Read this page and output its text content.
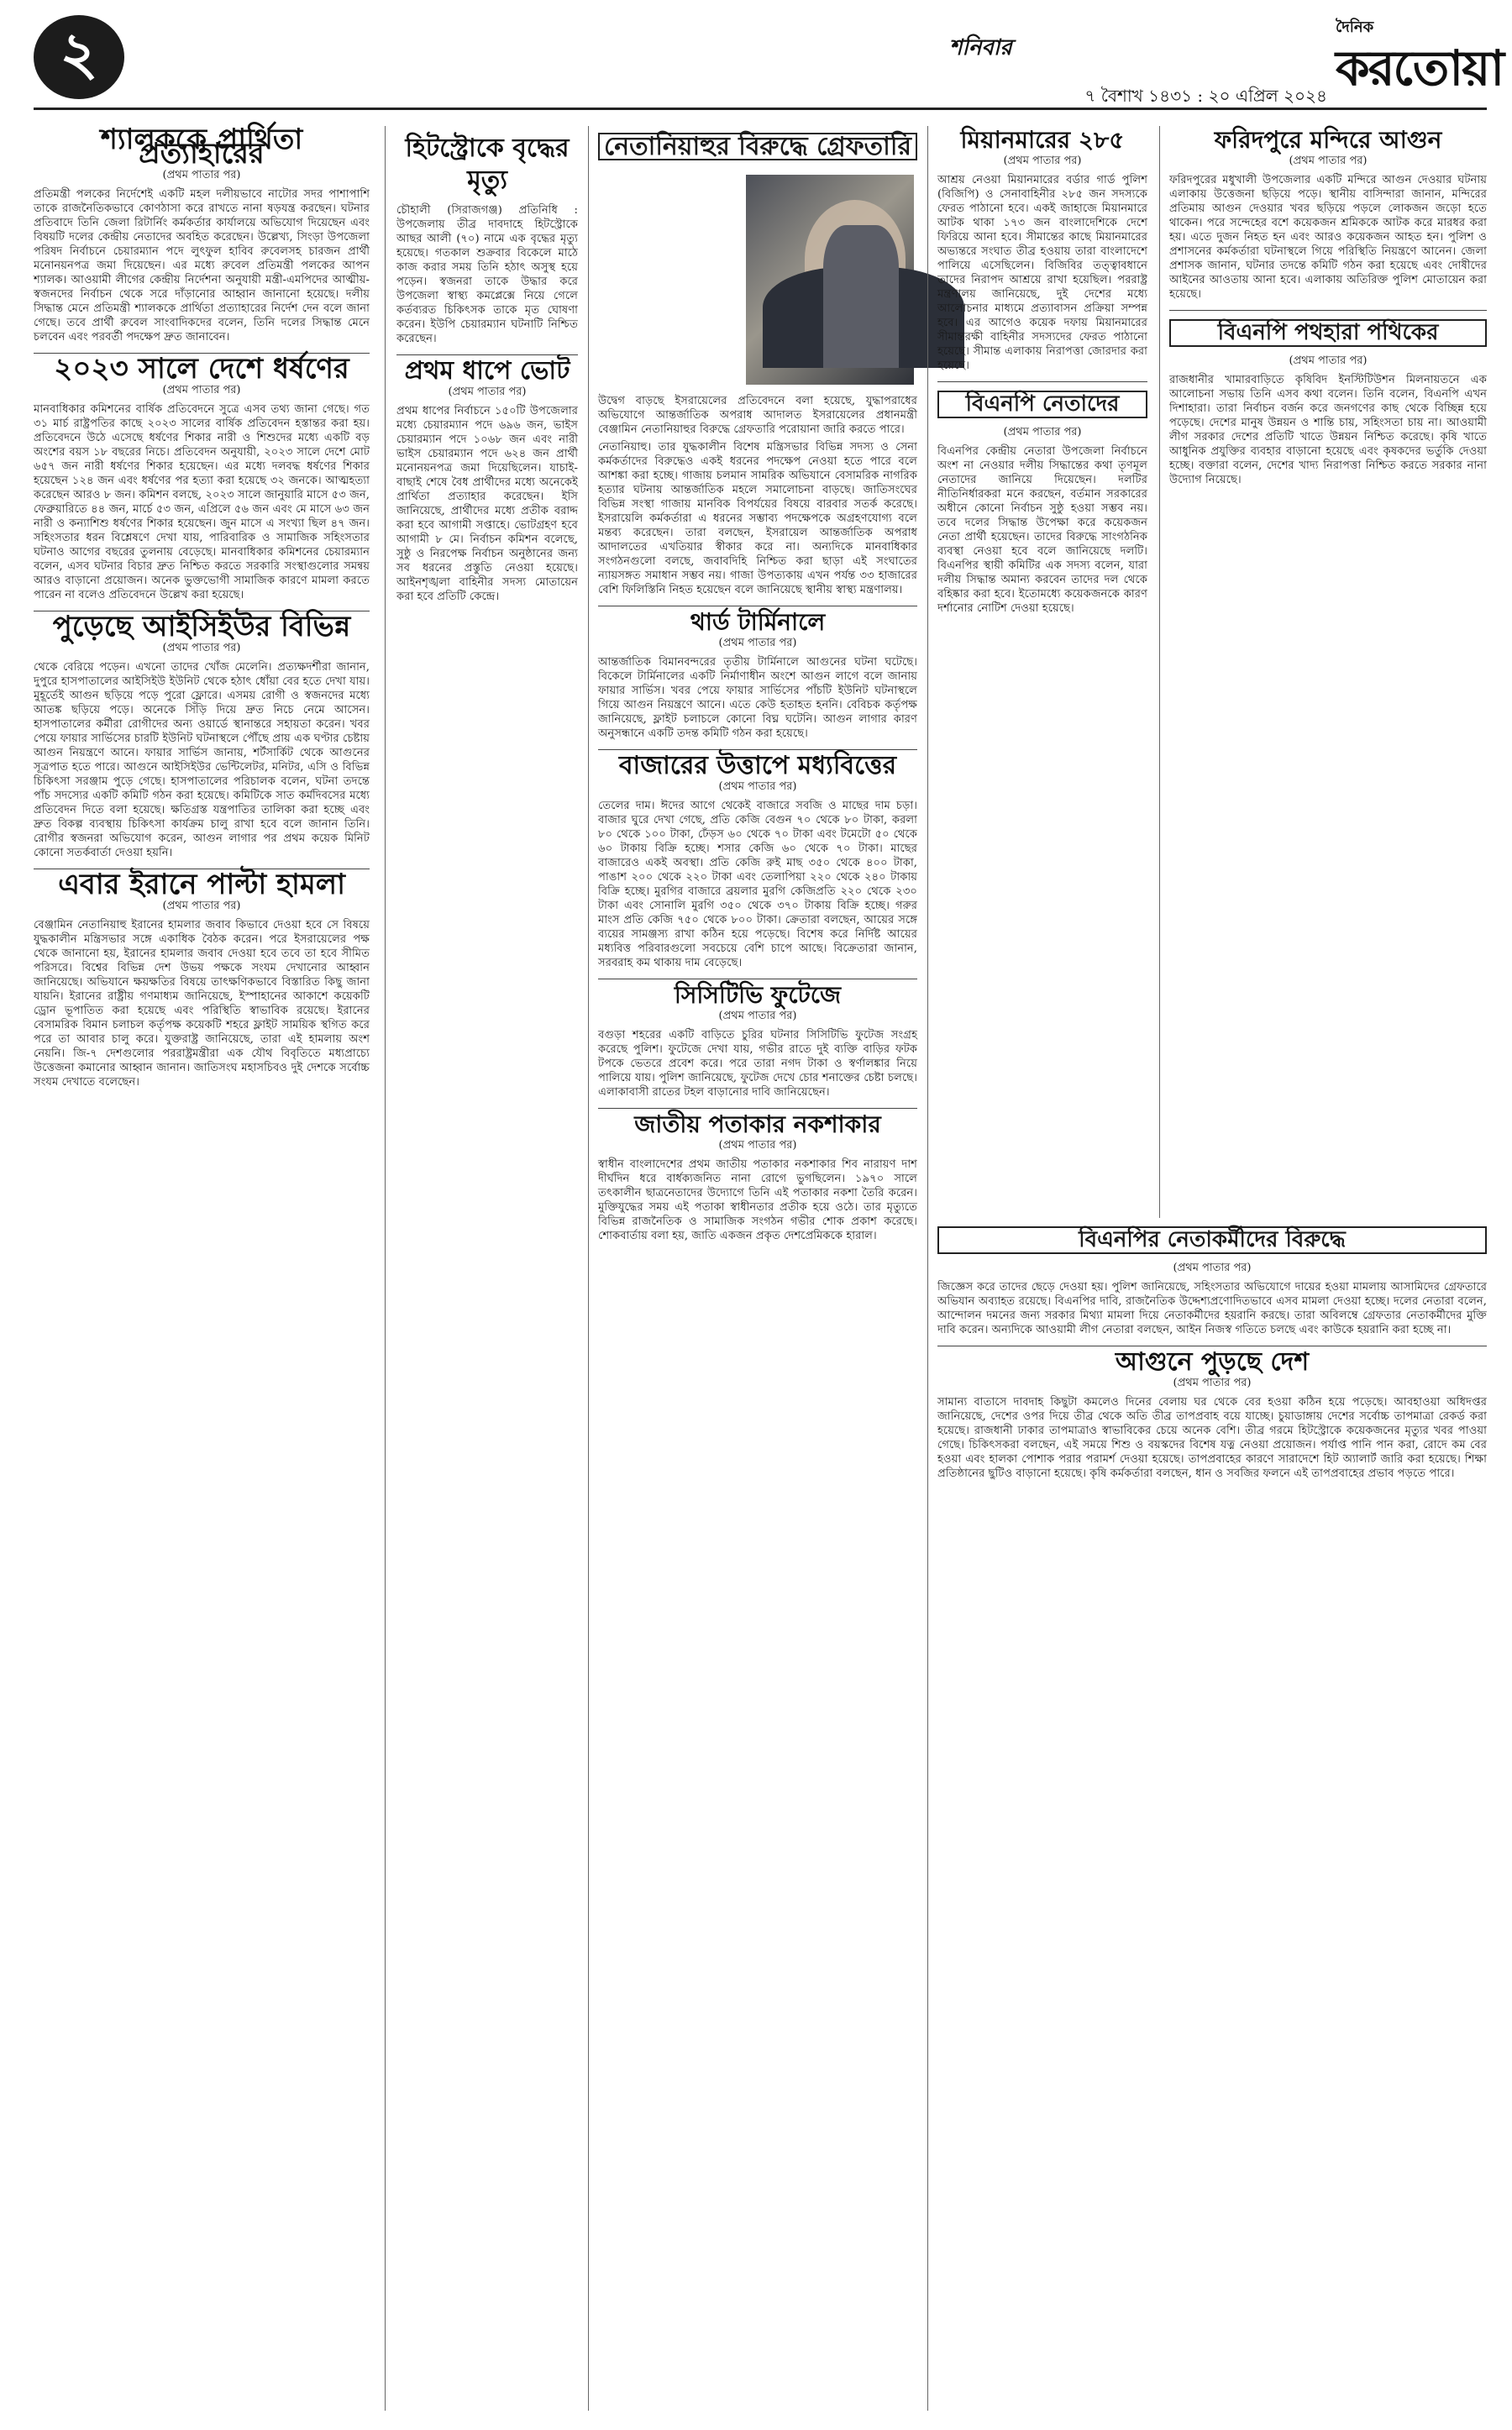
২	শনিবার
৭ বৈশাখ ১৪৩১ : ২০ এপ্রিল ২০২৪
দৈনিক
করতোয়া
শ্যালককে প্রার্থিতা প্রত্যাহারের
(প্রথম পাতার পর)

প্রতিমন্ত্রী পলকের নির্দেশেই একটি মহল দলীয়ভাবে নাটোর সদর পাশাপাশি তাকে রাজনৈতিকভাবে কোণঠাসা করে রাখতে নানা ষড়যন্ত্র করছেন। ঘটনার প্রতিবাদে তিনি জেলা রিটার্নিং কর্মকর্তার কার্যালয়ে অভিযোগ দিয়েছেন এবং বিষয়টি দলের কেন্দ্রীয় নেতাদের অবহিত করেছেন। উল্লেখ্য, সিংড়া উপজেলা পরিষদ নির্বাচনে চেয়ারম্যান পদে লুৎফুল হাবিব রুবেলসহ চারজন প্রার্থী মনোনয়নপত্র জমা দিয়েছেন। এর মধ্যে রুবেল প্রতিমন্ত্রী পলকের আপন শ্যালক। আওয়ামী লীগের কেন্দ্রীয় নির্দেশনা অনুযায়ী মন্ত্রী-এমপিদের আত্মীয়-স্বজনদের নির্বাচন থেকে সরে দাঁড়ানোর আহ্বান জানানো হয়েছে। দলীয় সিদ্ধান্ত মেনে প্রতিমন্ত্রী শ্যালককে প্রার্থিতা প্রত্যাহারের নির্দেশ দেন বলে জানা গেছে। তবে প্রার্থী রুবেল সাংবাদিকদের বলেন, তিনি দলের সিদ্ধান্ত মেনে চলবেন এবং পরবর্তী পদক্ষেপ দ্রুত জানাবেন।

২০২৩ সালে দেশে ধর্ষণের
(প্রথম পাতার পর)

মানবাধিকার কমিশনের বার্ষিক প্রতিবেদনে সুত্রে এসব তথ্য জানা গেছে। গত ৩১ মার্চ রাষ্ট্রপতির কাছে ২০২৩ সালের বার্ষিক প্রতিবেদন হস্তান্তর করা হয়। প্রতিবেদনে উঠে এসেছে ধর্ষণের শিকার নারী ও শিশুদের মধ্যে একটি বড় অংশের বয়স ১৮ বছরের নিচে। প্রতিবেদন অনুযায়ী, ২০২৩ সালে দেশে মোট ৬৫৭ জন নারী ধর্ষণের শিকার হয়েছেন। এর মধ্যে দলবদ্ধ ধর্ষণের শিকার হয়েছেন ১২৪ জন এবং ধর্ষণের পর হত্যা করা হয়েছে ৩২ জনকে। আত্মহত্যা করেছেন আরও ৮ জন। কমিশন বলছে, ২০২৩ সালে জানুয়ারি মাসে ৫৩ জন, ফেব্রুয়ারিতে ৪৪ জন, মার্চে ৫৩ জন, এপ্রিলে ৫৬ জন এবং মে মাসে ৬৩ জন নারী ও কন্যাশিশু ধর্ষণের শিকার হয়েছেন। জুন মাসে এ সংখ্যা ছিল ৪৭ জন। সহিংসতার ধরন বিশ্লেষণে দেখা যায়, পারিবারিক ও সামাজিক সহিংসতার ঘটনাও আগের বছরের তুলনায় বেড়েছে। মানবাধিকার কমিশনের চেয়ারম্যান বলেন, এসব ঘটনার বিচার দ্রুত নিশ্চিত করতে সরকারি সংস্থাগুলোর সমন্বয় আরও বাড়ানো প্রয়োজন। অনেক ভুক্তভোগী সামাজিক কারণে মামলা করতে পারেন না বলেও প্রতিবেদনে উল্লেখ করা হয়েছে।

পুড়েছে আইসিইউর বিভিন্ন
(প্রথম পাতার পর)

থেকে বেরিয়ে পড়েন। এখনো তাদের খোঁজ মেলেনি। প্রত্যক্ষদর্শীরা জানান, দুপুরে হাসপাতালের আইসিইউ ইউনিট থেকে হঠাৎ ধোঁয়া বের হতে দেখা যায়। মুহূর্তেই আগুন ছড়িয়ে পড়ে পুরো ফ্লোরে। এসময় রোগী ও স্বজনদের মধ্যে আতঙ্ক ছড়িয়ে পড়ে। অনেকে সিঁড়ি দিয়ে দ্রুত নিচে নেমে আসেন। হাসপাতালের কর্মীরা রোগীদের অন্য ওয়ার্ডে স্থানান্তরে সহায়তা করেন। খবর পেয়ে ফায়ার সার্ভিসের চারটি ইউনিট ঘটনাস্থলে পৌঁছে প্রায় এক ঘণ্টার চেষ্টায় আগুন নিয়ন্ত্রণে আনে। ফায়ার সার্ভিস জানায়, শর্টসার্কিট থেকে আগুনের সূত্রপাত হতে পারে। আগুনে আইসিইউর ভেন্টিলেটর, মনিটর, এসি ও বিভিন্ন চিকিৎসা সরঞ্জাম পুড়ে গেছে। হাসপাতালের পরিচালক বলেন, ঘটনা তদন্তে পাঁচ সদস্যের একটি কমিটি গঠন করা হয়েছে। কমিটিকে সাত কর্মদিবসের মধ্যে প্রতিবেদন দিতে বলা হয়েছে। ক্ষতিগ্রস্ত যন্ত্রপাতির তালিকা করা হচ্ছে এবং দ্রুত বিকল্প ব্যবস্থায় চিকিৎসা কার্যক্রম চালু রাখা হবে বলে জানান তিনি। রোগীর স্বজনরা অভিযোগ করেন, আগুন লাগার পর প্রথম কয়েক মিনিট কোনো সতর্কবার্তা দেওয়া হয়নি।

এবার ইরানে পাল্টা হামলা
(প্রথম পাতার পর)

বেঞ্জামিন নেতানিয়াহু ইরানের হামলার জবাব কিভাবে দেওয়া হবে সে বিষয়ে যুদ্ধকালীন মন্ত্রিসভার সঙ্গে একাধিক বৈঠক করেন। পরে ইসরায়েলের পক্ষ থেকে জানানো হয়, ইরানের হামলার জবাব দেওয়া হবে তবে তা হবে সীমিত পরিসরে। বিশ্বের বিভিন্ন দেশ উভয় পক্ষকে সংযম দেখানোর আহ্বান জানিয়েছে। অভিযানে ক্ষয়ক্ষতির বিষয়ে তাৎক্ষণিকভাবে বিস্তারিত কিছু জানা যায়নি। ইরানের রাষ্ট্রীয় গণমাধ্যম জানিয়েছে, ইস্পাহানের আকাশে কয়েকটি ড্রোন ভূপাতিত করা হয়েছে এবং পরিস্থিতি স্বাভাবিক রয়েছে। ইরানের বেসামরিক বিমান চলাচল কর্তৃপক্ষ কয়েকটি শহরে ফ্লাইট সাময়িক স্থগিত করে পরে তা আবার চালু করে। যুক্তরাষ্ট্র জানিয়েছে, তারা এই হামলায় অংশ নেয়নি। জি-৭ দেশগুলোর পররাষ্ট্রমন্ত্রীরা এক যৌথ বিবৃতিতে মধ্যপ্রাচ্যে উত্তেজনা কমানোর আহ্বান জানান। জাতিসংঘ মহাসচিবও দুই দেশকে সর্বোচ্চ সংযম দেখাতে বলেছেন।

হিটস্ট্রোকে বৃদ্ধের মৃত্যু

চৌহালী (সিরাজগঞ্জ) প্রতিনিধি : উপজেলায় তীব্র দাবদাহে হিটস্ট্রোকে আছর আলী (৭০) নামে এক বৃদ্ধের মৃত্যু হয়েছে। গতকাল শুক্রবার বিকেলে মাঠে কাজ করার সময় তিনি হঠাৎ অসুস্থ হয়ে পড়েন। স্বজনরা তাকে উদ্ধার করে উপজেলা স্বাস্থ্য কমপ্লেক্সে নিয়ে গেলে কর্তব্যরত চিকিৎসক তাকে মৃত ঘোষণা করেন। ইউপি চেয়ারম্যান ঘটনাটি নিশ্চিত করেছেন।

প্রথম ধাপে ভোট
(প্রথম পাতার পর)

প্রথম ধাপের নির্বাচনে ১৫০টি উপজেলার মধ্যে চেয়ারম্যান পদে ৬৯৬ জন, ভাইস চেয়ারম্যান পদে ১০৬৮ জন এবং নারী ভাইস চেয়ারম্যান পদে ৬২৪ জন প্রার্থী মনোনয়নপত্র জমা দিয়েছিলেন। যাচাই-বাছাই শেষে বৈধ প্রার্থীদের মধ্যে অনেকেই প্রার্থিতা প্রত্যাহার করেছেন। ইসি জানিয়েছে, প্রার্থীদের মধ্যে প্রতীক বরাদ্দ করা হবে আগামী সপ্তাহে। ভোটগ্রহণ হবে আগামী ৮ মে। নির্বাচন কমিশন বলেছে, সুষ্ঠু ও নিরপেক্ষ নির্বাচন অনুষ্ঠানের জন্য সব ধরনের প্রস্তুতি নেওয়া হয়েছে। আইনশৃঙ্খলা বাহিনীর সদস্য মোতায়েন করা হবে প্রতিটি কেন্দ্রে।

নেতানিয়াহুর বিরুদ্ধে গ্রেফতারি

উদ্বেগ বাড়ছে ইসরায়েলের প্রতিবেদনে বলা হয়েছে, যুদ্ধাপরাধের অভিযোগে আন্তর্জাতিক অপরাধ আদালত ইসরায়েলের প্রধানমন্ত্রী বেঞ্জামিন নেতানিয়াহুর বিরুদ্ধে গ্রেফতারি পরোয়ানা জারি করতে পারে।

নেতানিয়াহু। তার যুদ্ধকালীন বিশেষ মন্ত্রিসভার বিভিন্ন সদস্য ও সেনা কর্মকর্তাদের বিরুদ্ধেও একই ধরনের পদক্ষেপ নেওয়া হতে পারে বলে আশঙ্কা করা হচ্ছে। গাজায় চলমান সামরিক অভিযানে বেসামরিক নাগরিক হত্যার ঘটনায় আন্তর্জাতিক মহলে সমালোচনা বাড়ছে। জাতিসংঘের বিভিন্ন সংস্থা গাজায় মানবিক বিপর্যয়ের বিষয়ে বারবার সতর্ক করেছে। ইসরায়েলি কর্মকর্তারা এ ধরনের সম্ভাব্য পদক্ষেপকে অগ্রহণযোগ্য বলে মন্তব্য করেছেন। তারা বলছেন, ইসরায়েল আন্তর্জাতিক অপরাধ আদালতের এখতিয়ার স্বীকার করে না। অন্যদিকে মানবাধিকার সংগঠনগুলো বলছে, জবাবদিহি নিশ্চিত করা ছাড়া এই সংঘাতের ন্যায়সঙ্গত সমাধান সম্ভব নয়। গাজা উপত্যকায় এখন পর্যন্ত ৩৩ হাজারের বেশি ফিলিস্তিনি নিহত হয়েছেন বলে জানিয়েছে স্থানীয় স্বাস্থ্য মন্ত্রণালয়।

থার্ড টার্মিনালে
(প্রথম পাতার পর)

আন্তর্জাতিক বিমানবন্দরের তৃতীয় টার্মিনালে আগুনের ঘটনা ঘটেছে। বিকেলে টার্মিনালের একটি নির্মাণাধীন অংশে আগুন লাগে বলে জানায় ফায়ার সার্ভিস। খবর পেয়ে ফায়ার সার্ভিসের পাঁচটি ইউনিট ঘটনাস্থলে গিয়ে আগুন নিয়ন্ত্রণে আনে। এতে কেউ হতাহত হননি। বেবিচক কর্তৃপক্ষ জানিয়েছে, ফ্লাইট চলাচলে কোনো বিঘ্ন ঘটেনি। আগুন লাগার কারণ অনুসন্ধানে একটি তদন্ত কমিটি গঠন করা হয়েছে।

বাজারের উত্তাপে মধ্যবিত্তের
(প্রথম পাতার পর)

তেলের দাম। ঈদের আগে থেকেই বাজারে সবজি ও মাছের দাম চড়া। বাজার ঘুরে দেখা গেছে, প্রতি কেজি বেগুন ৭০ থেকে ৮০ টাকা, করলা ৮০ থেকে ১০০ টাকা, ঢেঁড়স ৬০ থেকে ৭০ টাকা এবং টমেটো ৫০ থেকে ৬০ টাকায় বিক্রি হচ্ছে। শসার কেজি ৬০ থেকে ৭০ টাকা। মাছের বাজারেও একই অবস্থা। প্রতি কেজি রুই মাছ ৩৫০ থেকে ৪০০ টাকা, পাঙাশ ২০০ থেকে ২২০ টাকা এবং তেলাপিয়া ২২০ থেকে ২৪০ টাকায় বিক্রি হচ্ছে। মুরগির বাজারে ব্রয়লার মুরগি কেজিপ্রতি ২২০ থেকে ২৩০ টাকা এবং সোনালি মুরগি ৩৫০ থেকে ৩৭০ টাকায় বিক্রি হচ্ছে। গরুর মাংস প্রতি কেজি ৭৫০ থেকে ৮০০ টাকা। ক্রেতারা বলছেন, আয়ের সঙ্গে ব্যয়ের সামঞ্জস্য রাখা কঠিন হয়ে পড়েছে। বিশেষ করে নির্দিষ্ট আয়ের মধ্যবিত্ত পরিবারগুলো সবচেয়ে বেশি চাপে আছে। বিক্রেতারা জানান, সরবরাহ কম থাকায় দাম বেড়েছে।

সিসিটিভি ফুটেজে
(প্রথম পাতার পর)

বগুড়া শহরের একটি বাড়িতে চুরির ঘটনার সিসিটিভি ফুটেজ সংগ্রহ করেছে পুলিশ। ফুটেজে দেখা যায়, গভীর রাতে দুই ব্যক্তি বাড়ির ফটক টপকে ভেতরে প্রবেশ করে। পরে তারা নগদ টাকা ও স্বর্ণালঙ্কার নিয়ে পালিয়ে যায়। পুলিশ জানিয়েছে, ফুটেজ দেখে চোর শনাক্তের চেষ্টা চলছে। এলাকাবাসী রাতের টহল বাড়ানোর দাবি জানিয়েছেন।

জাতীয় পতাকার নকশাকার
(প্রথম পাতার পর)

স্বাধীন বাংলাদেশের প্রথম জাতীয় পতাকার নকশাকার শিব নারায়ণ দাশ দীর্ঘদিন ধরে বার্ধক্যজনিত নানা রোগে ভুগছিলেন। ১৯৭০ সালে তৎকালীন ছাত্রনেতাদের উদ্যোগে তিনি এই পতাকার নকশা তৈরি করেন। মুক্তিযুদ্ধের সময় এই পতাকা স্বাধীনতার প্রতীক হয়ে ওঠে। তার মৃত্যুতে বিভিন্ন রাজনৈতিক ও সামাজিক সংগঠন গভীর শোক প্রকাশ করেছে। শোকবার্তায় বলা হয়, জাতি একজন প্রকৃত দেশপ্রেমিককে হারাল।

মিয়ানমারের ২৮৫
(প্রথম পাতার পর)

আশ্রয় নেওয়া মিয়ানমারের বর্ডার গার্ড পুলিশ (বিজিপি) ও সেনাবাহিনীর ২৮৫ জন সদস্যকে ফেরত পাঠানো হবে। একই জাহাজে মিয়ানমারে আটক থাকা ১৭৩ জন বাংলাদেশিকে দেশে ফিরিয়ে আনা হবে। সীমান্তের কাছে মিয়ানমারের অভ্যন্তরে সংঘাত তীব্র হওয়ায় তারা বাংলাদেশে পালিয়ে এসেছিলেন। বিজিবির তত্ত্বাবধানে তাদের নিরাপদ আশ্রয়ে রাখা হয়েছিল। পররাষ্ট্র মন্ত্রণালয় জানিয়েছে, দুই দেশের মধ্যে আলোচনার মাধ্যমে প্রত্যাবাসন প্রক্রিয়া সম্পন্ন হবে। এর আগেও কয়েক দফায় মিয়ানমারের সীমান্তরক্ষী বাহিনীর সদস্যদের ফেরত পাঠানো হয়েছে। সীমান্ত এলাকায় নিরাপত্তা জোরদার করা হয়েছে।

বিএনপি নেতাদের
(প্রথম পাতার পর)

বিএনপির কেন্দ্রীয় নেতারা উপজেলা নির্বাচনে অংশ না নেওয়ার দলীয় সিদ্ধান্তের কথা তৃণমূল নেতাদের জানিয়ে দিয়েছেন। দলটির নীতিনির্ধারকরা মনে করছেন, বর্তমান সরকারের অধীনে কোনো নির্বাচন সুষ্ঠু হওয়া সম্ভব নয়। তবে দলের সিদ্ধান্ত উপেক্ষা করে কয়েকজন নেতা প্রার্থী হয়েছেন। তাদের বিরুদ্ধে সাংগঠনিক ব্যবস্থা নেওয়া হবে বলে জানিয়েছে দলটি। বিএনপির স্থায়ী কমিটির এক সদস্য বলেন, যারা দলীয় সিদ্ধান্ত অমান্য করবেন তাদের দল থেকে বহিষ্কার করা হবে। ইতোমধ্যে কয়েকজনকে কারণ দর্শানোর নোটিশ দেওয়া হয়েছে।

ফরিদপুরে মন্দিরে আগুন
(প্রথম পাতার পর)

ফরিদপুরের মধুখালী উপজেলার একটি মন্দিরে আগুন দেওয়ার ঘটনায় এলাকায় উত্তেজনা ছড়িয়ে পড়ে। স্থানীয় বাসিন্দারা জানান, মন্দিরের প্রতিমায় আগুন দেওয়ার খবর ছড়িয়ে পড়লে লোকজন জড়ো হতে থাকেন। পরে সন্দেহের বশে কয়েকজন শ্রমিককে আটক করে মারধর করা হয়। এতে দুজন নিহত হন এবং আরও কয়েকজন আহত হন। পুলিশ ও প্রশাসনের কর্মকর্তারা ঘটনাস্থলে গিয়ে পরিস্থিতি নিয়ন্ত্রণে আনেন। জেলা প্রশাসক জানান, ঘটনার তদন্তে কমিটি গঠন করা হয়েছে এবং দোষীদের আইনের আওতায় আনা হবে। এলাকায় অতিরিক্ত পুলিশ মোতায়েন করা হয়েছে।

বিএনপি পথহারা পথিকের
(প্রথম পাতার পর)

রাজধানীর খামারবাড়িতে কৃষিবিদ ইনস্টিটিউশন মিলনায়তনে এক আলোচনা সভায় তিনি এসব কথা বলেন। তিনি বলেন, বিএনপি এখন দিশাহারা। তারা নির্বাচন বর্জন করে জনগণের কাছ থেকে বিচ্ছিন্ন হয়ে পড়েছে। দেশের মানুষ উন্নয়ন ও শান্তি চায়, সহিংসতা চায় না। আওয়ামী লীগ সরকার দেশের প্রতিটি খাতে উন্নয়ন নিশ্চিত করেছে। কৃষি খাতে আধুনিক প্রযুক্তির ব্যবহার বাড়ানো হয়েছে এবং কৃষকদের ভর্তুকি দেওয়া হচ্ছে। বক্তারা বলেন, দেশের খাদ্য নিরাপত্তা নিশ্চিত করতে সরকার নানা উদ্যোগ নিয়েছে।

বিএনপির নেতাকর্মীদের বিরুদ্ধে
(প্রথম পাতার পর)

জিজ্ঞেস করে তাদের ছেড়ে দেওয়া হয়। পুলিশ জানিয়েছে, সহিংসতার অভিযোগে দায়ের হওয়া মামলায় আসামিদের গ্রেফতারে অভিযান অব্যাহত রয়েছে। বিএনপির দাবি, রাজনৈতিক উদ্দেশ্যপ্রণোদিতভাবে এসব মামলা দেওয়া হচ্ছে। দলের নেতারা বলেন, আন্দোলন দমনের জন্য সরকার মিথ্যা মামলা দিয়ে নেতাকর্মীদের হয়রানি করছে। তারা অবিলম্বে গ্রেফতার নেতাকর্মীদের মুক্তি দাবি করেন। অন্যদিকে আওয়ামী লীগ নেতারা বলছেন, আইন নিজস্ব গতিতে চলছে এবং কাউকে হয়রানি করা হচ্ছে না।

আগুনে পুড়ছে দেশ
(প্রথম পাতার পর)

সামান্য বাতাসে দাবদাহ কিছুটা কমলেও দিনের বেলায় ঘর থেকে বের হওয়া কঠিন হয়ে পড়েছে। আবহাওয়া অধিদপ্তর জানিয়েছে, দেশের ওপর দিয়ে তীব্র থেকে অতি তীব্র তাপপ্রবাহ বয়ে যাচ্ছে। চুয়াডাঙ্গায় দেশের সর্বোচ্চ তাপমাত্রা রেকর্ড করা হয়েছে। রাজধানী ঢাকার তাপমাত্রাও স্বাভাবিকের চেয়ে অনেক বেশি। তীব্র গরমে হিটস্ট্রোকে কয়েকজনের মৃত্যুর খবর পাওয়া গেছে। চিকিৎসকরা বলছেন, এই সময়ে শিশু ও বয়স্কদের বিশেষ যত্ন নেওয়া প্রয়োজন। পর্যাপ্ত পানি পান করা, রোদে কম বের হওয়া এবং হালকা পোশাক পরার পরামর্শ দেওয়া হয়েছে। তাপপ্রবাহের কারণে সারাদেশে হিট অ্যালার্ট জারি করা হয়েছে। শিক্ষা প্রতিষ্ঠানের ছুটিও বাড়ানো হয়েছে। কৃষি কর্মকর্তারা বলছেন, ধান ও সবজির ফলনে এই তাপপ্রবাহের প্রভাব পড়তে পারে।
